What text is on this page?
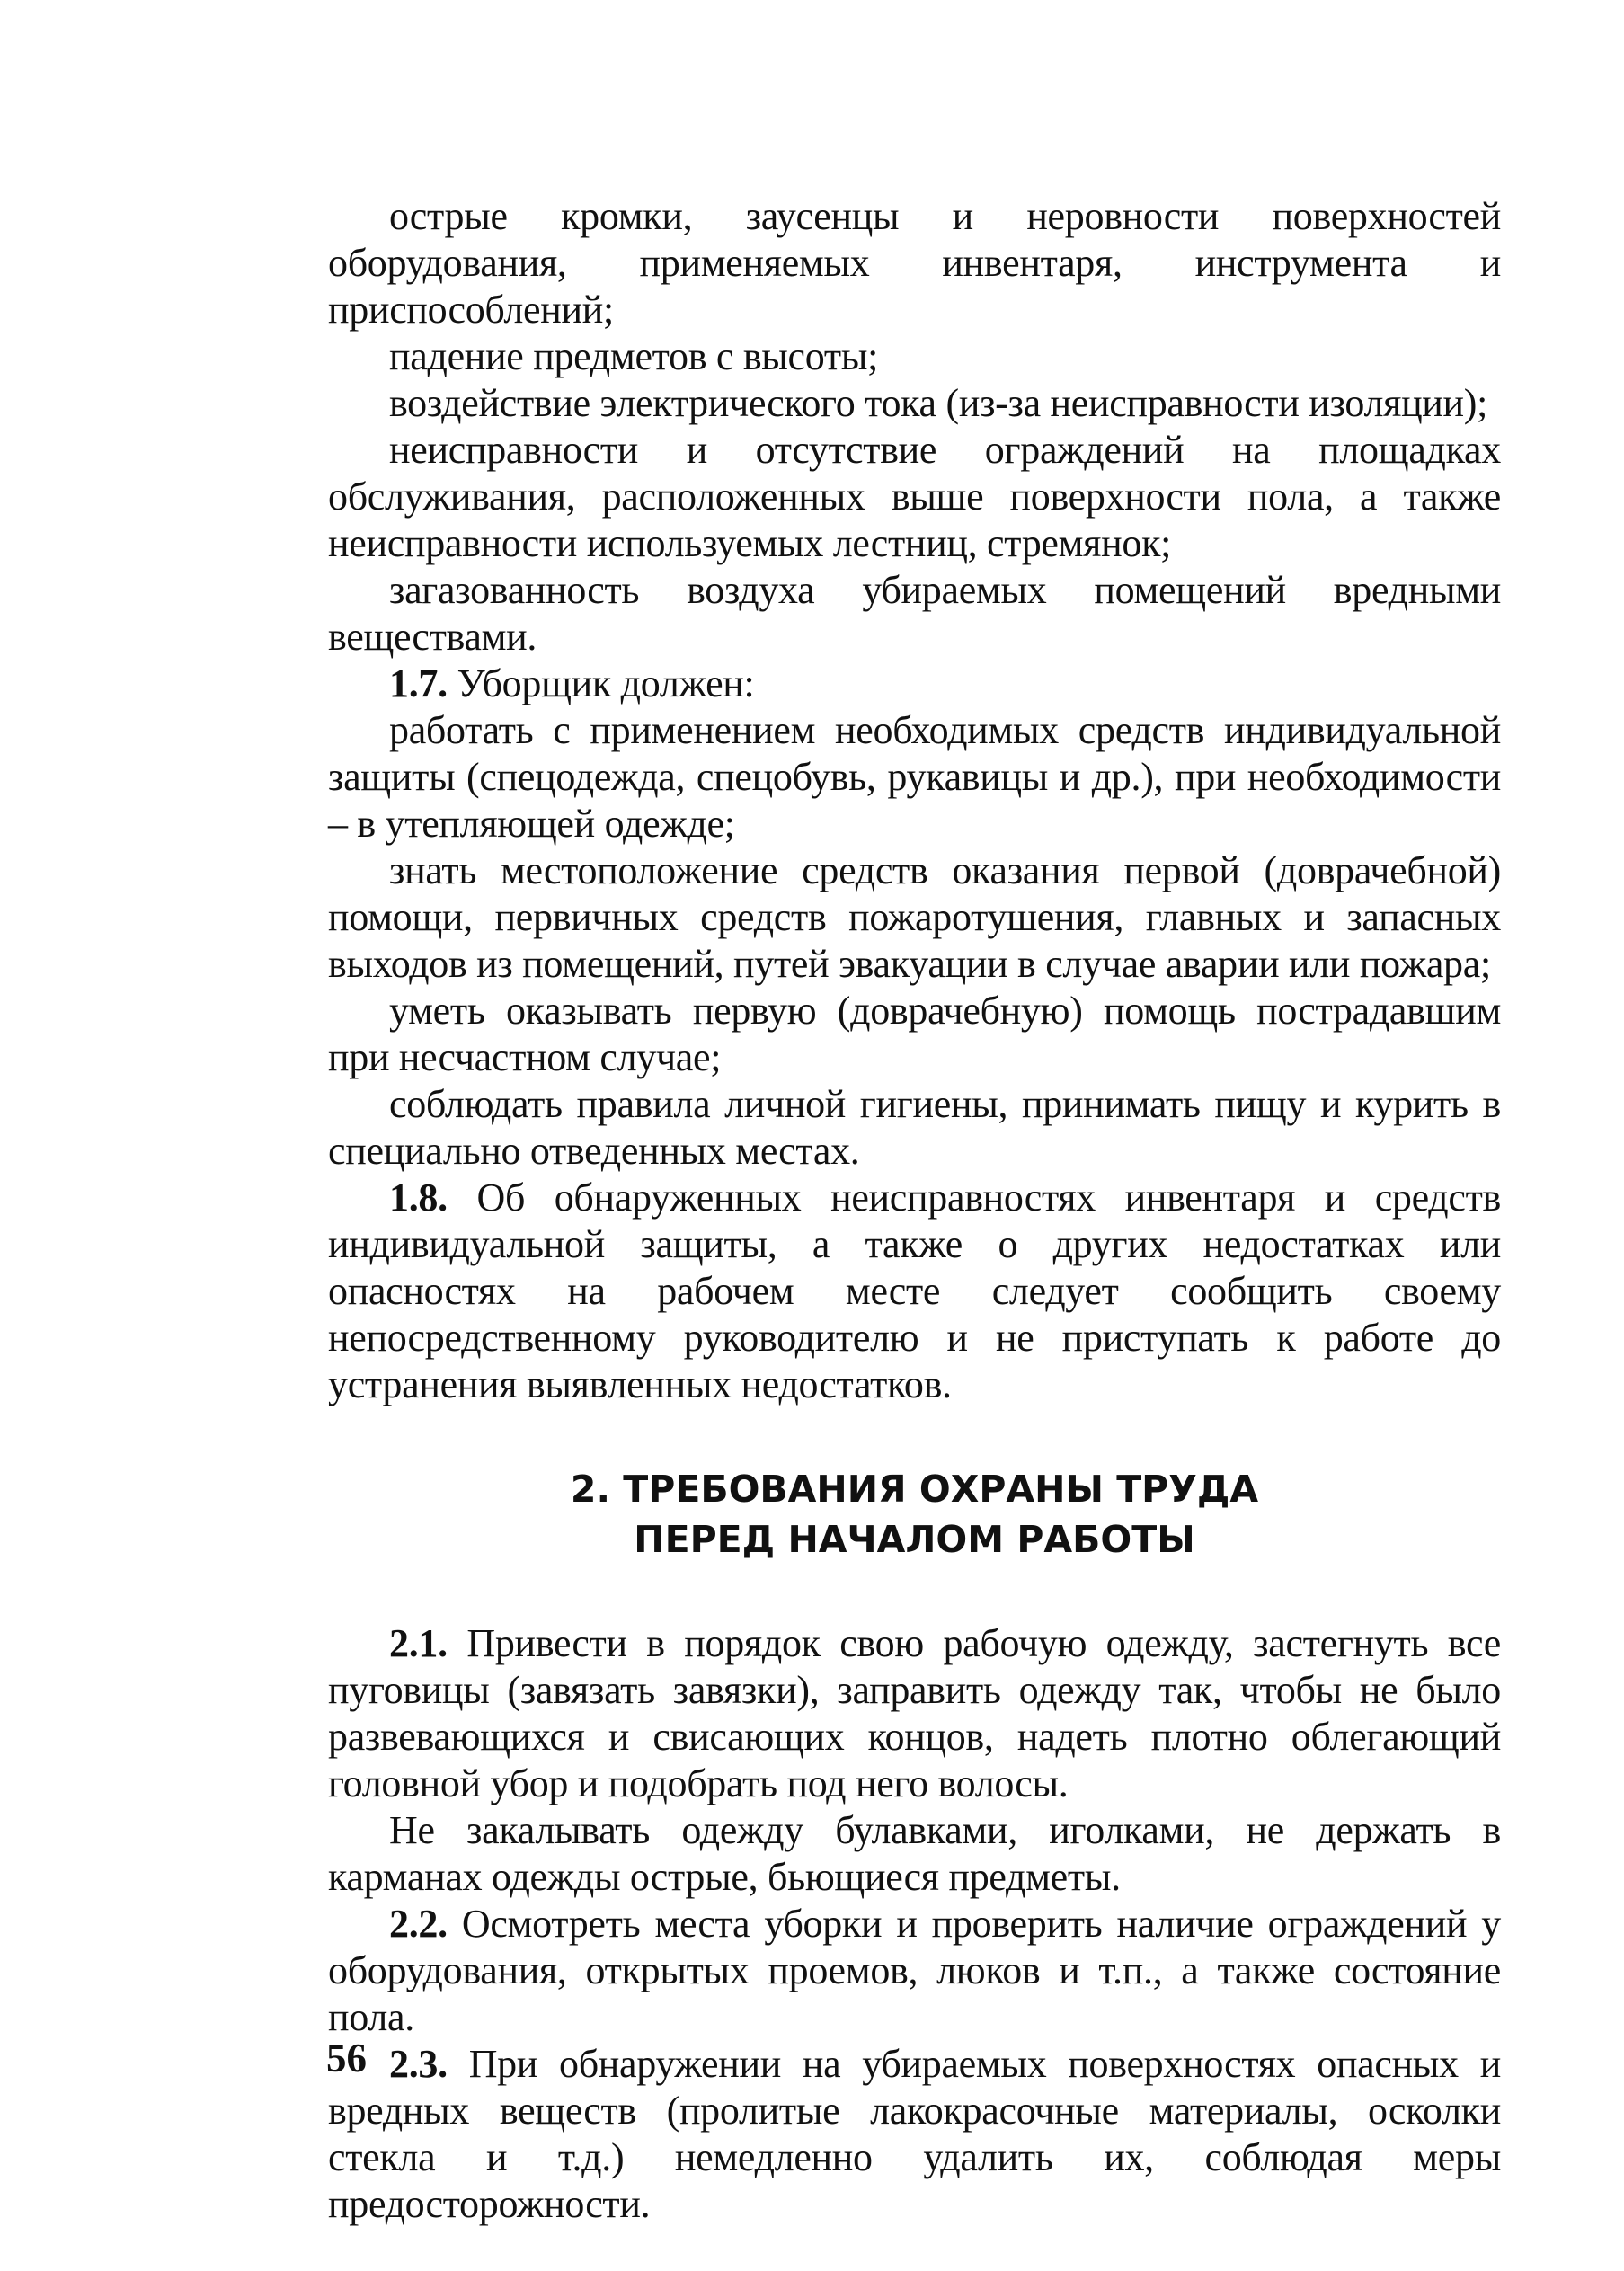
острые кромки, заусенцы и неровности поверхностей оборудования, применяемых инвентаря, инструмента и приспособлений;

падение предметов с высоты;

воздействие электрического тока (из-за неисправности изоляции);

неисправности и отсутствие ограждений на площадках обслуживания, расположенных выше поверхности пола, а также неисправности используемых лестниц, стремянок;

загазованность воздуха убираемых помещений вредными веществами.

1.7. Уборщик должен:

работать с применением необходимых средств индивидуальной защиты (спецодежда, спецобувь, рукавицы и др.), при необходимости – в утепляющей одежде;

знать местоположение средств оказания первой (доврачебной) помощи, первичных средств пожаротушения, главных и запасных выходов из помещений, путей эвакуации в случае аварии или пожара;

уметь оказывать первую (доврачебную) помощь пострадавшим при несчастном случае;

соблюдать правила личной гигиены, принимать пищу и курить в специально отведенных местах.

1.8. Об обнаруженных неисправностях инвентаря и средств индивидуальной защиты, а также о других недостатках или опасностях на рабочем месте следует сообщить своему непосредственному руководителю и не приступать к работе до устранения выявленных недостатков.

2. ТРЕБОВАНИЯ ОХРАНЫ ТРУДА
ПЕРЕД НАЧАЛОМ РАБОТЫ

2.1. Привести в порядок свою рабочую одежду, застегнуть все пуговицы (завязать завязки), заправить одежду так, чтобы не было развевающихся и свисающих концов, надеть плотно облегающий головной убор и подобрать под него волосы.

Не закалывать одежду булавками, иголками, не держать в карманах одежды острые, бьющиеся предметы.

2.2. Осмотреть места уборки и проверить наличие ограждений у оборудования, открытых проемов, люков и т.п., а также состояние пола.

2.3. При обнаружении на убираемых поверхностях опасных и вредных веществ (пролитые лакокрасочные материалы, осколки стекла и т.д.) немедленно удалить их, соблюдая меры предосторожности.

56
